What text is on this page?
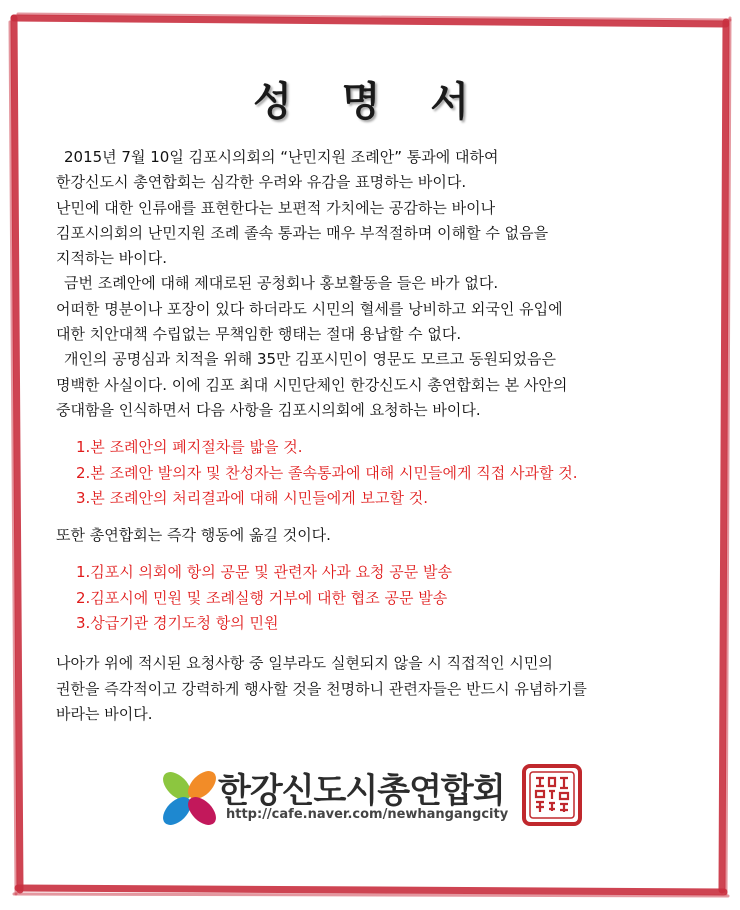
성 명 서
2015년 7월 10일 김포시의회의 “난민지원 조례안” 통과에 대하여
한강신도시 총연합회는 심각한 우려와 유감을 표명하는 바이다.
난민에 대한 인류애를 표현한다는 보편적 가치에는 공감하는 바이나
김포시의회의 난민지원 조례 졸속 통과는 매우 부적절하며 이해할 수 없음을
지적하는 바이다.
금번 조례안에 대해 제대로된 공청회나 홍보활동을 들은 바가 없다.
어떠한 명분이나 포장이 있다 하더라도 시민의 혈세를 낭비하고 외국인 유입에
대한 치안대책 수립없는 무책임한 행태는 절대 용납할 수 없다.
개인의 공명심과 치적을 위해 35만 김포시민이 영문도 모르고 동원되었음은
명백한 사실이다. 이에 김포 최대 시민단체인 한강신도시 총연합회는 본 사안의
중대함을 인식하면서 다음 사항을 김포시의회에 요청하는 바이다.
1.본 조례안의 폐지절차를 밟을 것.
2.본 조례안 발의자 및 찬성자는 졸속통과에 대해 시민들에게 직접 사과할 것.
3.본 조례안의 처리결과에 대해 시민들에게 보고할 것.
또한 총연합회는 즉각 행동에 옮길 것이다.
1.김포시 의회에 항의 공문 및 관련자 사과 요청 공문 발송
2.김포시에 민원 및 조례실행 거부에 대한 협조 공문 발송
3.상급기관 경기도청 항의 민원
나아가 위에 적시된 요청사항 중 일부라도 실현되지 않을 시 직접적인 시민의
권한을 즉각적이고 강력하게 행사할 것을 천명하니 관련자들은 반드시 유념하기를
바라는 바이다.
한강신도시총연합회
http://cafe.naver.com/newhangangcity
